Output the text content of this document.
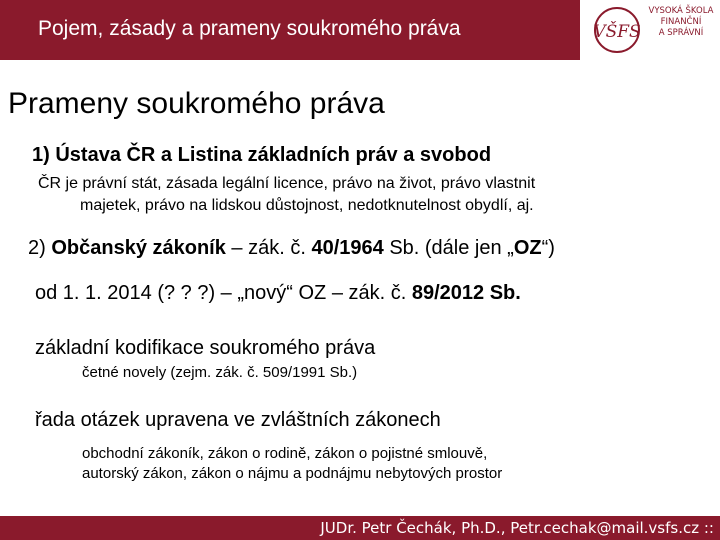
Pojem, zásady a prameny soukromého práva	VŠFS
VYSOKÁ ŠKOLA
FINANČNÍ
A SPRÁVNÍ
Prameny soukromého práva
1) Ústava ČR a Listina základních práv a svobod
ČR je právní stát, zásada legální licence, právo na život, právo vlastnit
majetek, právo na lidskou důstojnost, nedotknutelnost obydlí, aj.
2) Občanský zákoník – zák. č. 40/1964 Sb. (dále jen „OZ“)
od 1. 1. 2014 (? ? ?) – „nový“ OZ – zák. č. 89/2012 Sb.
základní kodifikace soukromého práva
četné novely (zejm. zák. č. 509/1991 Sb.)
řada otázek upravena ve zvláštních zákonech
obchodní zákoník, zákon o rodině, zákon o pojistné smlouvě,
autorský zákon, zákon o nájmu a podnájmu nebytových prostor
JUDr. Petr Čechák, Ph.D., Petr.cechak@mail.vsfs.cz ::
